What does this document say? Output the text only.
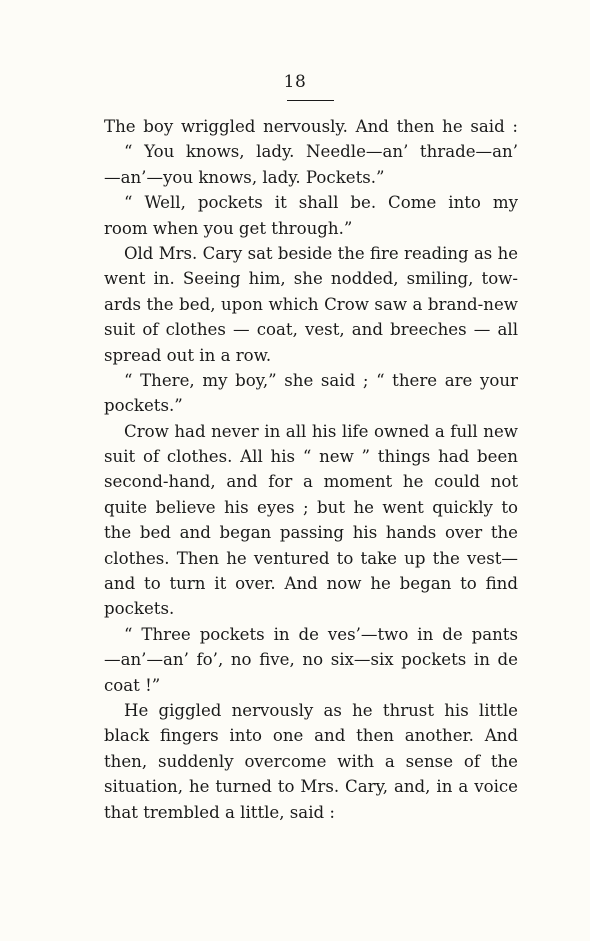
18
The boy wriggled nervously. And then he said :
“ You knows, lady. Needle—an’ thrade—an’
—an’—you knows, lady. Pockets.”
“ Well, pockets it shall be. Come into my
room when you get through.”
Old Mrs. Cary sat beside the fire reading as he
went in. Seeing him, she nodded, smiling, tow-
ards the bed, upon which Crow saw a brand-new
suit of clothes — coat, vest, and breeches — all
spread out in a row.
“ There, my boy,” she said ; “ there are your
pockets.”
Crow had never in all his life owned a full new
suit of clothes. All his “ new ” things had been
second-hand, and for a moment he could not
quite believe his eyes ; but he went quickly to
the bed and began passing his hands over the
clothes. Then he ventured to take up the vest—
and to turn it over. And now he began to find
pockets.
“ Three pockets in de ves’—two in de pants
—an’—an’ fo’, no five, no six—six pockets in de
coat !”
He giggled nervously as he thrust his little
black fingers into one and then another. And
then, suddenly overcome with a sense of the
situation, he turned to Mrs. Cary, and, in a voice
that trembled a little, said :
